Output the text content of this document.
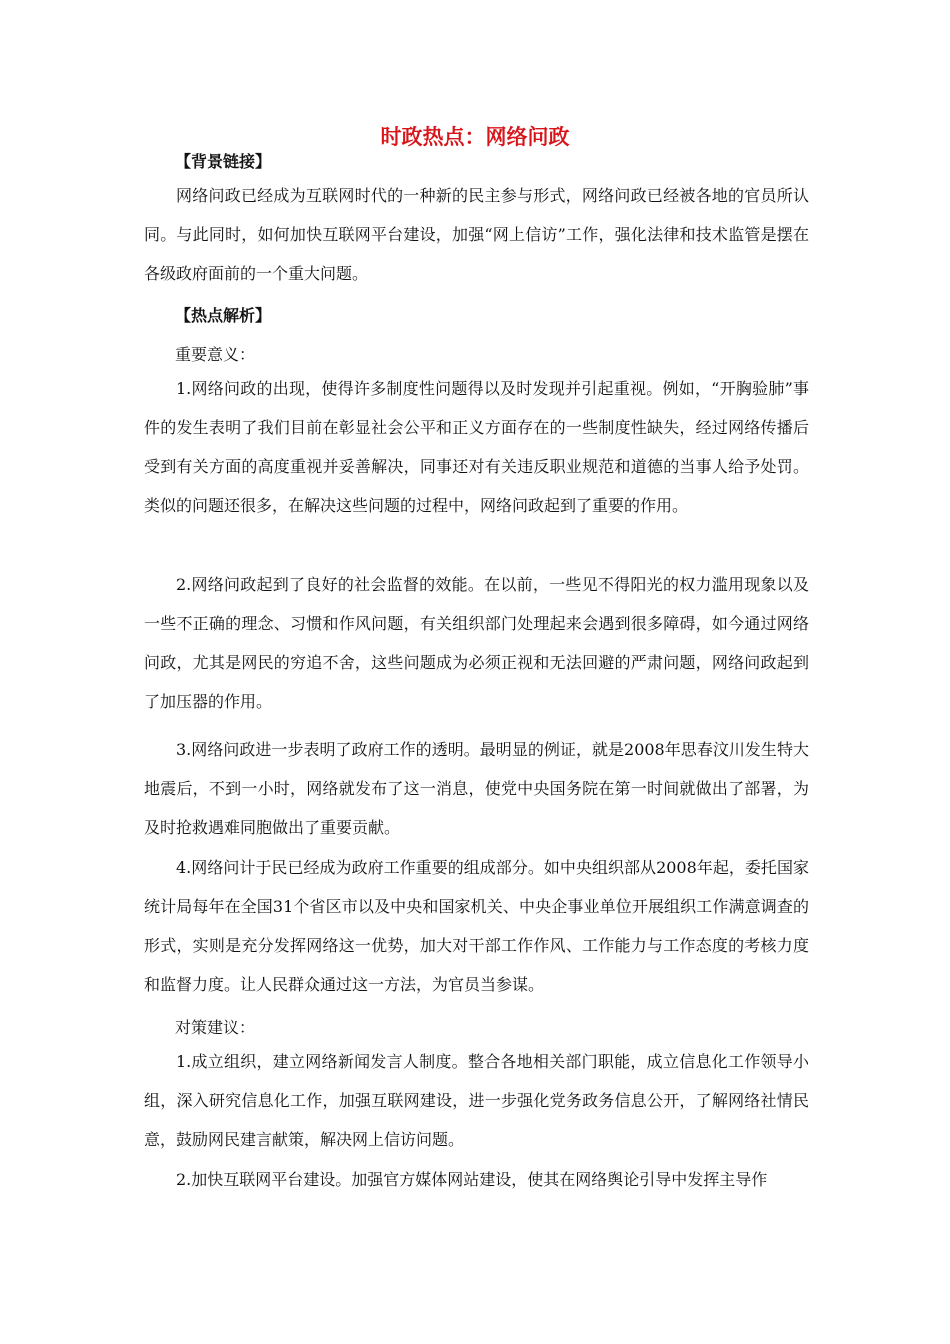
时政热点：网络问政
【背景链接】
网络问政已经成为互联网时代的一种新的民主参与形式，网络问政已经被各地的官员所认同。与此同时，如何加快互联网平台建设，加强“网上信访”工作，强化法律和技术监管是摆在各级政府面前的一个重大问题。
【热点解析】
重要意义：
1.网络问政的出现，使得许多制度性问题得以及时发现并引起重视。例如，“开胸验肺”事件的发生表明了我们目前在彰显社会公平和正义方面存在的一些制度性缺失，经过网络传播后受到有关方面的高度重视并妥善解决，同事还对有关违反职业规范和道德的当事人给予处罚。类似的问题还很多，在解决这些问题的过程中，网络问政起到了重要的作用。
2.网络问政起到了良好的社会监督的效能。在以前，一些见不得阳光的权力滥用现象以及一些不正确的理念、习惯和作风问题，有关组织部门处理起来会遇到很多障碍，如今通过网络问政，尤其是网民的穷追不舍，这些问题成为必须正视和无法回避的严肃问题，网络问政起到了加压器的作用。
3.网络问政进一步表明了政府工作的透明。最明显的例证，就是2008年思春汶川发生特大地震后，不到一小时，网络就发布了这一消息，使党中央国务院在第一时间就做出了部署，为及时抢救遇难同胞做出了重要贡献。
4.网络问计于民已经成为政府工作重要的组成部分。如中央组织部从2008年起，委托国家统计局每年在全国31个省区市以及中央和国家机关、中央企事业单位开展组织工作满意调查的形式，实则是充分发挥网络这一优势，加大对干部工作作风、工作能力与工作态度的考核力度和监督力度。让人民群众通过这一方法，为官员当参谋。
对策建议：
1.成立组织，建立网络新闻发言人制度。整合各地相关部门职能，成立信息化工作领导小组，深入研究信息化工作，加强互联网建设，进一步强化党务政务信息公开，了解网络社情民意，鼓励网民建言献策，解决网上信访问题。
2.加快互联网平台建设。加强官方媒体网站建设，使其在网络舆论引导中发挥主导作
